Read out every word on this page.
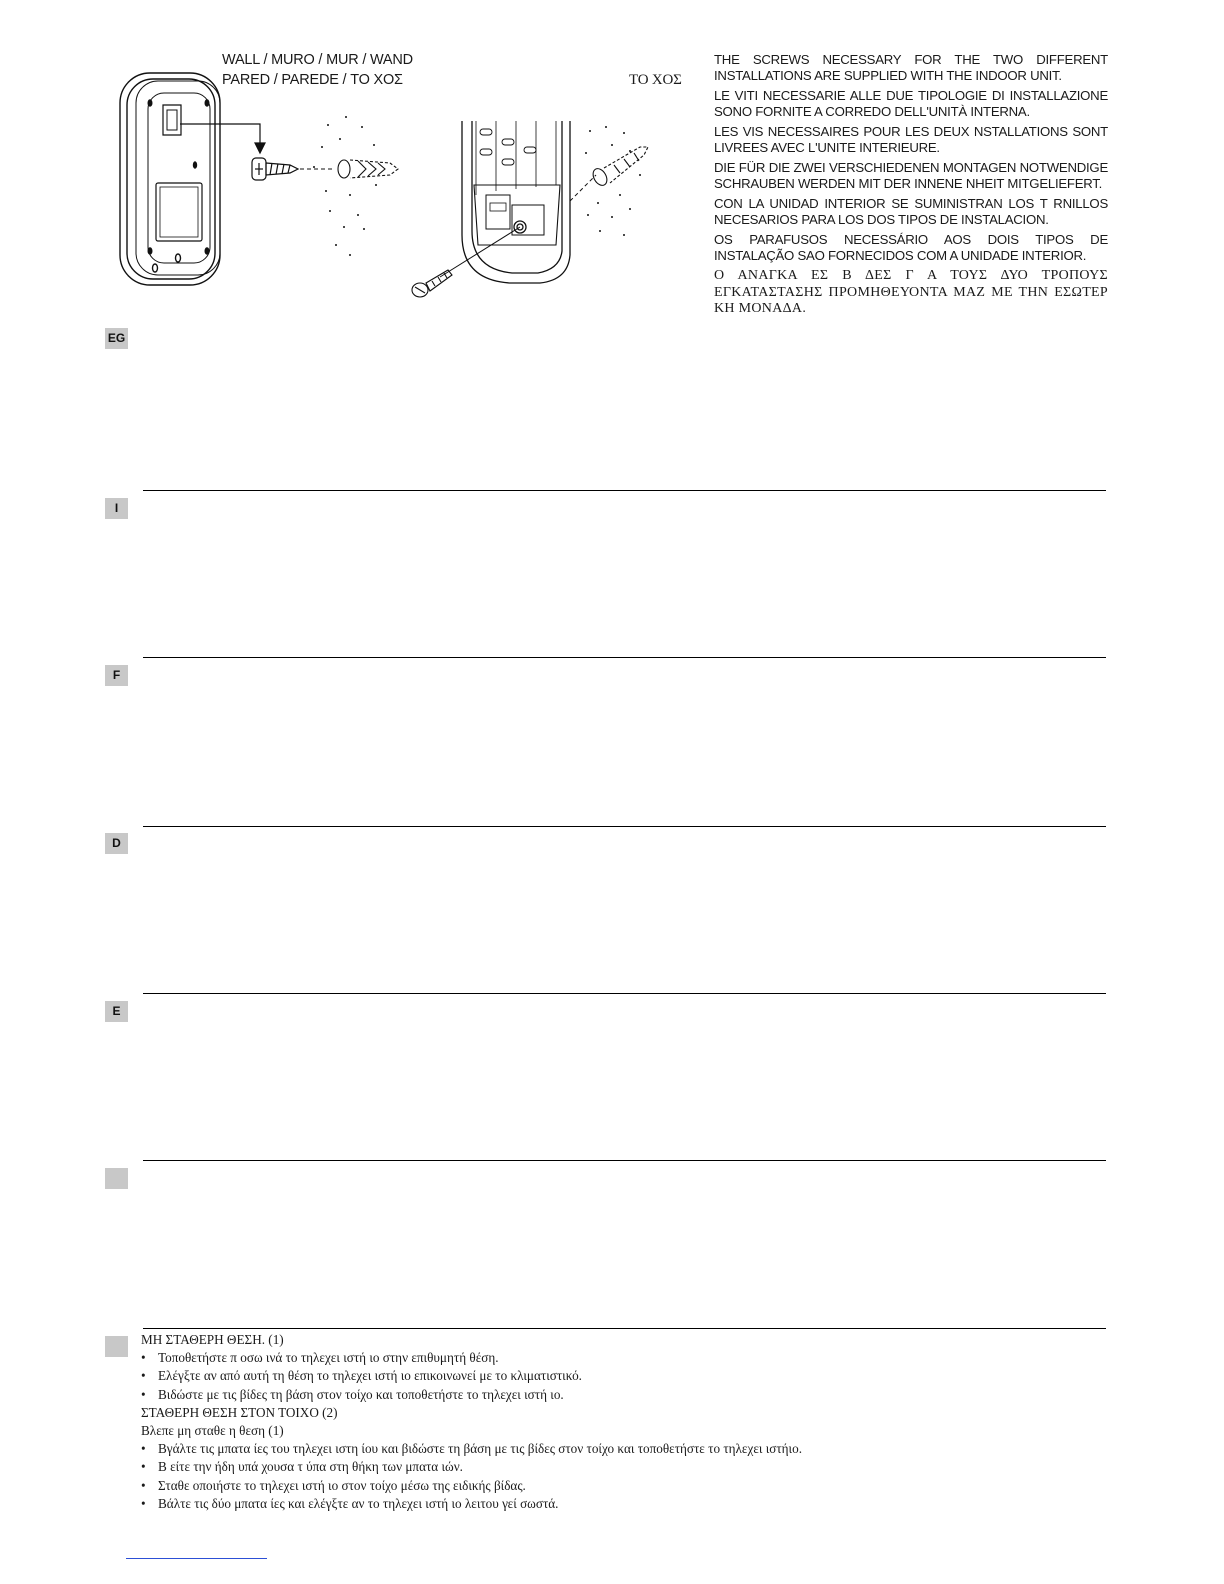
WALL / MURO / MUR / WAND
PARED / PAREDE / ΤΟ ΧΟΣ	ΤΟ ΧΟΣ

THE SCREWS NECESSARY FOR THE TWO DIFFERENT INSTALLATIONS ARE SUPPLIED WITH THE INDOOR UNIT.

LE VITI NECESSARIE ALLE DUE TIPOLOGIE DI INSTALLAZIONE SONO FORNITE A CORREDO DELL'UNITÀ INTERNA.

LES VIS NECESSAIRES POUR LES DEUX NSTALLATIONS SONT LIVREES AVEC L'UNITE INTERIEURE.

DIE FÜR DIE ZWEI VERSCHIEDENEN MONTAGEN NOTWENDIGE SCHRAUBEN WERDEN MIT DER INNENE NHEIT MITGELIEFERT.

CON LA UNIDAD INTERIOR SE SUMINISTRAN LOS T RNILLOS NECESARIOS PARA LOS DOS TIPOS DE INSTALACION.

OS PARAFUSOS NECESSÁRIO AOS DOIS TIPOS DE INSTALAÇÃO SAO FORNECIDOS COM A UNIDADE INTERIOR.

Ο ΑΝΑΓΚΑ ΕΣ Β ΔΕΣ Γ Α ΤΟΥΣ ΔΥΟ ΤΡΟΠΟΥΣ ΕΓΚΑΤΑΣΤΑΣΗΣ ΠΡΟΜΗΘΕΥΟΝΤΑ ΜΑΖ ΜΕ ΤΗΝ ΕΣΩΤΕΡ ΚΗ ΜΟΝΑΔΑ.

EG
I
F
D
E
ΜΗ ΣΤΑΘΕΡΗ ΘΕΣΗ. (1)
• Τοποθετήστε π οσω ινά το τηλεχει ιστή ιο στην επιθυμητή θέση.
• Ελέγξτε αν από αυτή τη θέση το τηλεχει ιστή ιο επικοινωνεί με το κλιματιστικό.
• Βιδώστε με τις βίδες τη βάση στον τοίχο και τοποθετήστε το τηλεχει ιστή ιο.
ΣΤΑΘΕΡΗ ΘΕΣΗ ΣΤΟΝ ΤΟΙΧΟ (2)
Βλεπε μη σταθε η θεση (1)
• Βγάλτε τις μπατα ίες του τηλεχει ιστη ίου και βιδώστε τη βάση με τις βίδες στον τοίχο και τοποθετήστε το τηλεχει ιστήιο.
• Β είτε την ήδη υπά χουσα τ ύπα στη θήκη των μπατα ιών.
• Σταθε οποιήστε το τηλεχει ιστή ιο στον τοίχο μέσω της ειδικής βίδας.
• Βάλτε τις δύο μπατα ίες και ελέγξτε αν το τηλεχει ιστή ιο λειτου γεί σωστά.
